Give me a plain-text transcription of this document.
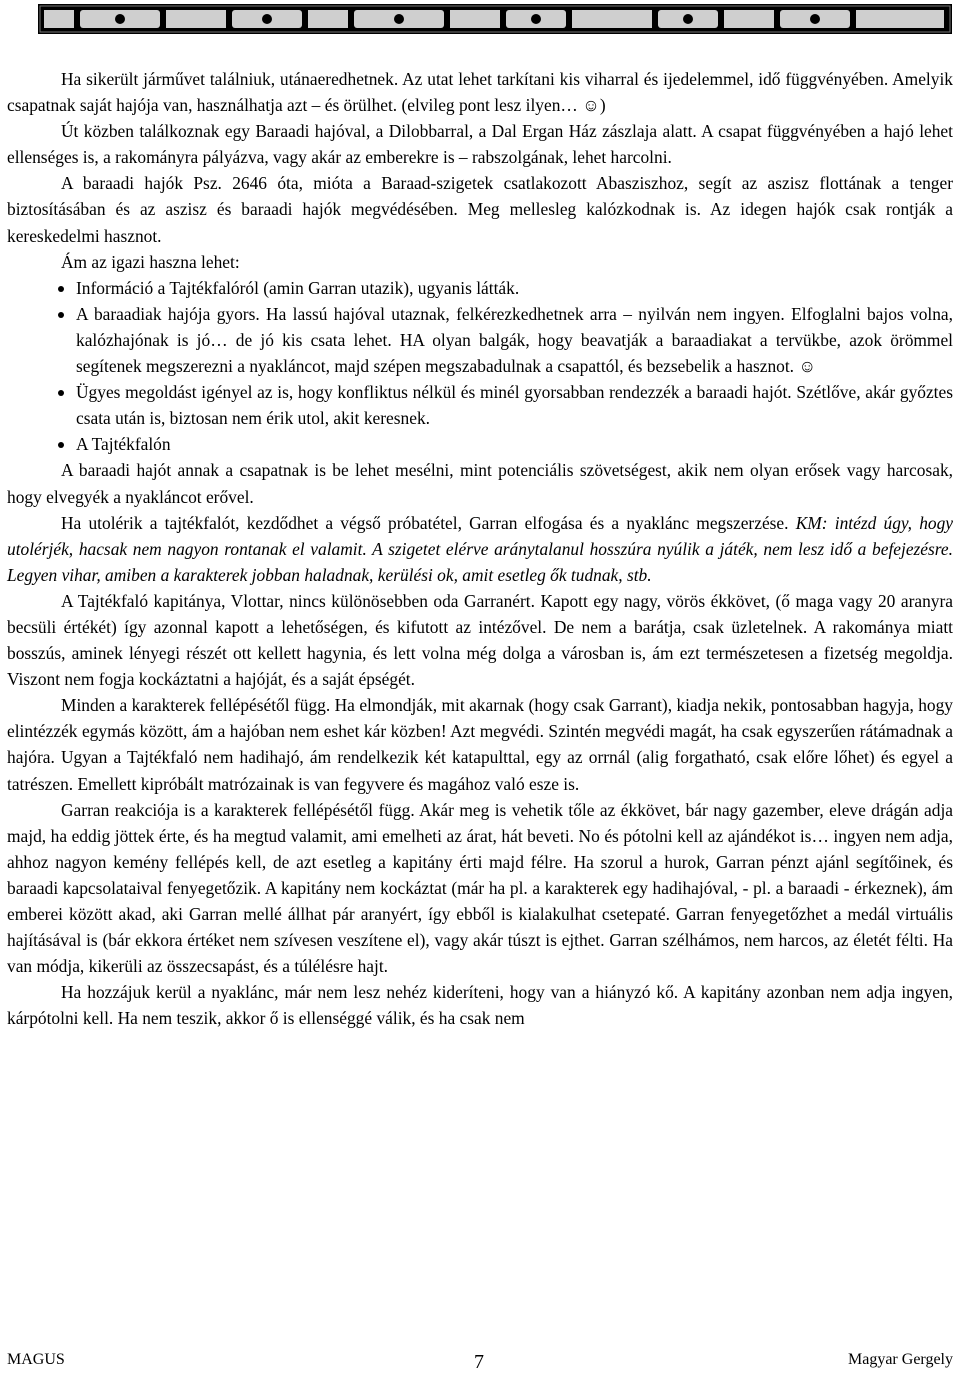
Ha sikerült járművet találniuk, utánaeredhetnek. Az utat lehet tarkítani kis viharral és ijedelemmel, idő függvényében. Amelyik csapatnak saját hajója van, használhatja azt – és örülhet. (elvileg pont lesz ilyen… ☺)

Út közben találkoznak egy Baraadi hajóval, a Dilobbarral, a Dal Ergan Ház zászlaja alatt. A csapat függvényében a hajó lehet ellenséges is, a rakományra pályázva, vagy akár az emberekre is – rabszolgának, lehet harcolni.

A baraadi hajók Psz. 2646 óta, mióta a Baraad-szigetek csatlakozott Abasziszhoz, segít az aszisz flottának a tenger biztosításában és az aszisz és baraadi hajók megvédésében. Meg mellesleg kalózkodnak is. Az idegen hajók csak rontják a kereskedelmi hasznot.

Ám az igazi haszna lehet:

Információ a Tajtékfalóról (amin Garran utazik), ugyanis látták.
A baraadiak hajója gyors. Ha lassú hajóval utaznak, felkérezkedhetnek arra – nyilván nem ingyen. Elfoglalni bajos volna, kalózhajónak is jó… de jó kis csata lehet. HA olyan balgák, hogy beavatják a baraadiakat a tervükbe, azok örömmel segítenek megszerezni a nyakláncot, majd szépen megszabadulnak a csapattól, és bezsebelik a hasznot. ☺
Ügyes megoldást igényel az is, hogy konfliktus nélkül és minél gyorsabban rendezzék a baraadi hajót. Szétlőve, akár győztes csata után is, biztosan nem érik utol, akit keresnek.
A Tajtékfalón

A baraadi hajót annak a csapatnak is be lehet mesélni, mint potenciális szövetségest, akik nem olyan erősek vagy harcosak, hogy elvegyék a nyakláncot erővel.

Ha utolérik a tajtékfalót, kezdődhet a végső próbatétel, Garran elfogása és a nyaklánc megszerzése. KM: intézd úgy, hogy utolérjék, hacsak nem nagyon rontanak el valamit. A szigetet elérve aránytalanul hosszúra nyúlik a játék, nem lesz idő a befejezésre. Legyen vihar, amiben a karakterek jobban haladnak, kerülési ok, amit esetleg ők tudnak, stb.

A Tajtékfaló kapitánya, Vlottar, nincs különösebben oda Garranért. Kapott egy nagy, vörös ékkövet, (ő maga vagy 20 aranyra becsüli értékét) így azonnal kapott a lehetőségen, és kifutott az intézővel. De nem a barátja, csak üzletelnek. A rakománya miatt bosszús, aminek lényegi részét ott kellett hagynia, és lett volna még dolga a városban is, ám ezt természetesen a fizetség megoldja. Viszont nem fogja kockáztatni a hajóját, és a saját épségét.

Minden a karakterek fellépésétől függ. Ha elmondják, mit akarnak (hogy csak Garrant), kiadja nekik, pontosabban hagyja, hogy elintézzék egymás között, ám a hajóban nem eshet kár közben! Azt megvédi. Szintén megvédi magát, ha csak egyszerűen rátámadnak a hajóra. Ugyan a Tajtékfaló nem hadihajó, ám rendelkezik két katapulttal, egy az orrnál (alig forgatható, csak előre lőhet) és egyel a tatrészen. Emellett kipróbált matrózainak is van fegyvere és magához való esze is.

Garran reakciója is a karakterek fellépésétől függ. Akár meg is vehetik tőle az ékkövet, bár nagy gazember, eleve drágán adja majd, ha eddig jöttek érte, és ha megtud valamit, ami emelheti az árat, hát beveti. No és pótolni kell az ajándékot is… ingyen nem adja, ahhoz nagyon kemény fellépés kell, de azt esetleg a kapitány érti majd félre. Ha szorul a hurok, Garran pénzt ajánl segítőinek, és baraadi kapcsolataival fenyegetőzik. A kapitány nem kockáztat (már ha pl. a karakterek egy hadihajóval, - pl. a baraadi - érkeznek), ám emberei között akad, aki Garran mellé állhat pár aranyért, így ebből is kialakulhat csetepaté. Garran fenyegetőzhet a medál virtuális hajításával is (bár ekkora értéket nem szívesen veszítene el), vagy akár túszt is ejthet. Garran szélhámos, nem harcos, az életét félti. Ha van módja, kikerüli az összecsapást, és a túlélésre hajt.

Ha hozzájuk kerül a nyaklánc, már nem lesz nehéz kideríteni, hogy van a hiányzó kő. A kapitány azonban nem adja ingyen, kárpótolni kell. Ha nem teszik, akkor ő is ellenséggé válik, és ha csak nem

MAGUS	7	Magyar Gergely
